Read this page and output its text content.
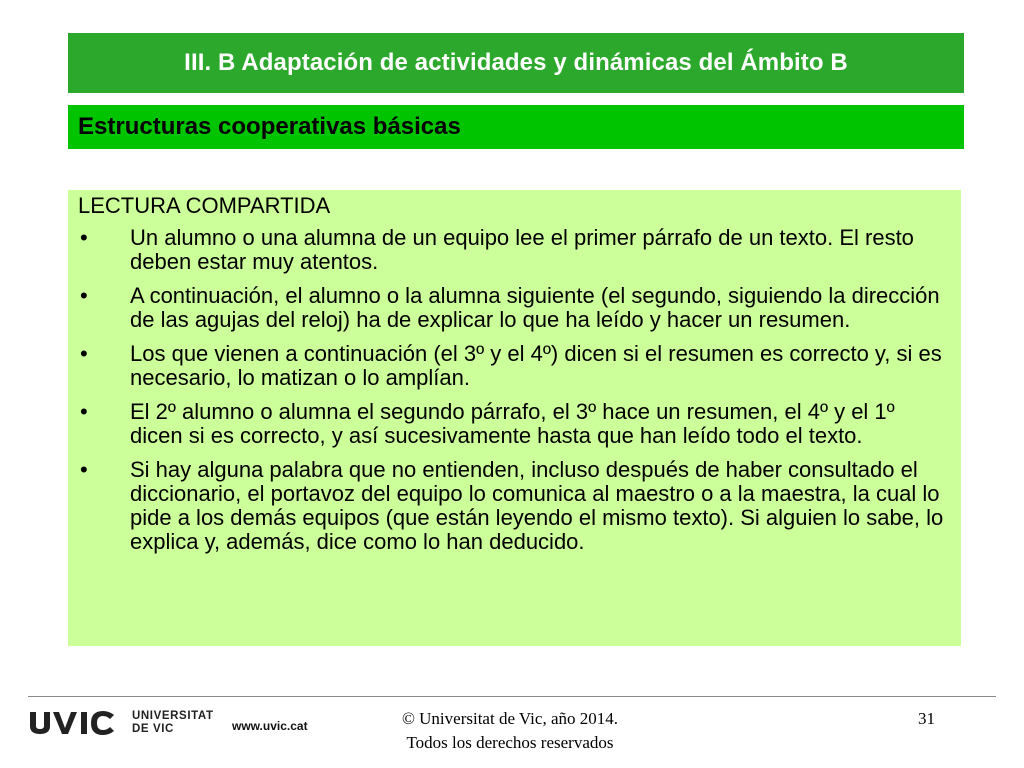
III. B Adaptación de actividades y dinámicas del Ámbito B
Estructuras cooperativas básicas
LECTURA COMPARTIDA
•	Un alumno o una alumna de un equipo lee el primer párrafo de un texto. El resto deben estar muy atentos.
•	A continuación, el alumno o la alumna siguiente (el segundo, siguiendo la dirección de las agujas del reloj) ha de explicar lo que ha leído y hacer un resumen.
•	Los que vienen a continuación (el 3º y el 4º) dicen si el resumen es correcto y, si es necesario, lo matizan o lo amplían.
•	El 2º alumno o alumna el segundo párrafo, el 3º hace un resumen, el 4º y el 1º dicen si es correcto, y así sucesivamente hasta que han leído todo el texto.
•	Si hay alguna palabra que no entienden, incluso después de haber consultado el diccionario, el portavoz del equipo lo comunica al maestro o a la maestra, la cual lo pide a los demás equipos (que están leyendo el mismo texto). Si alguien lo sabe, lo explica y, además, dice como lo han deducido.
UNIVERSITAT
DE VIC	www.uvic.cat	© Universitat de Vic, año 2014.
Todos los derechos reservados
31
